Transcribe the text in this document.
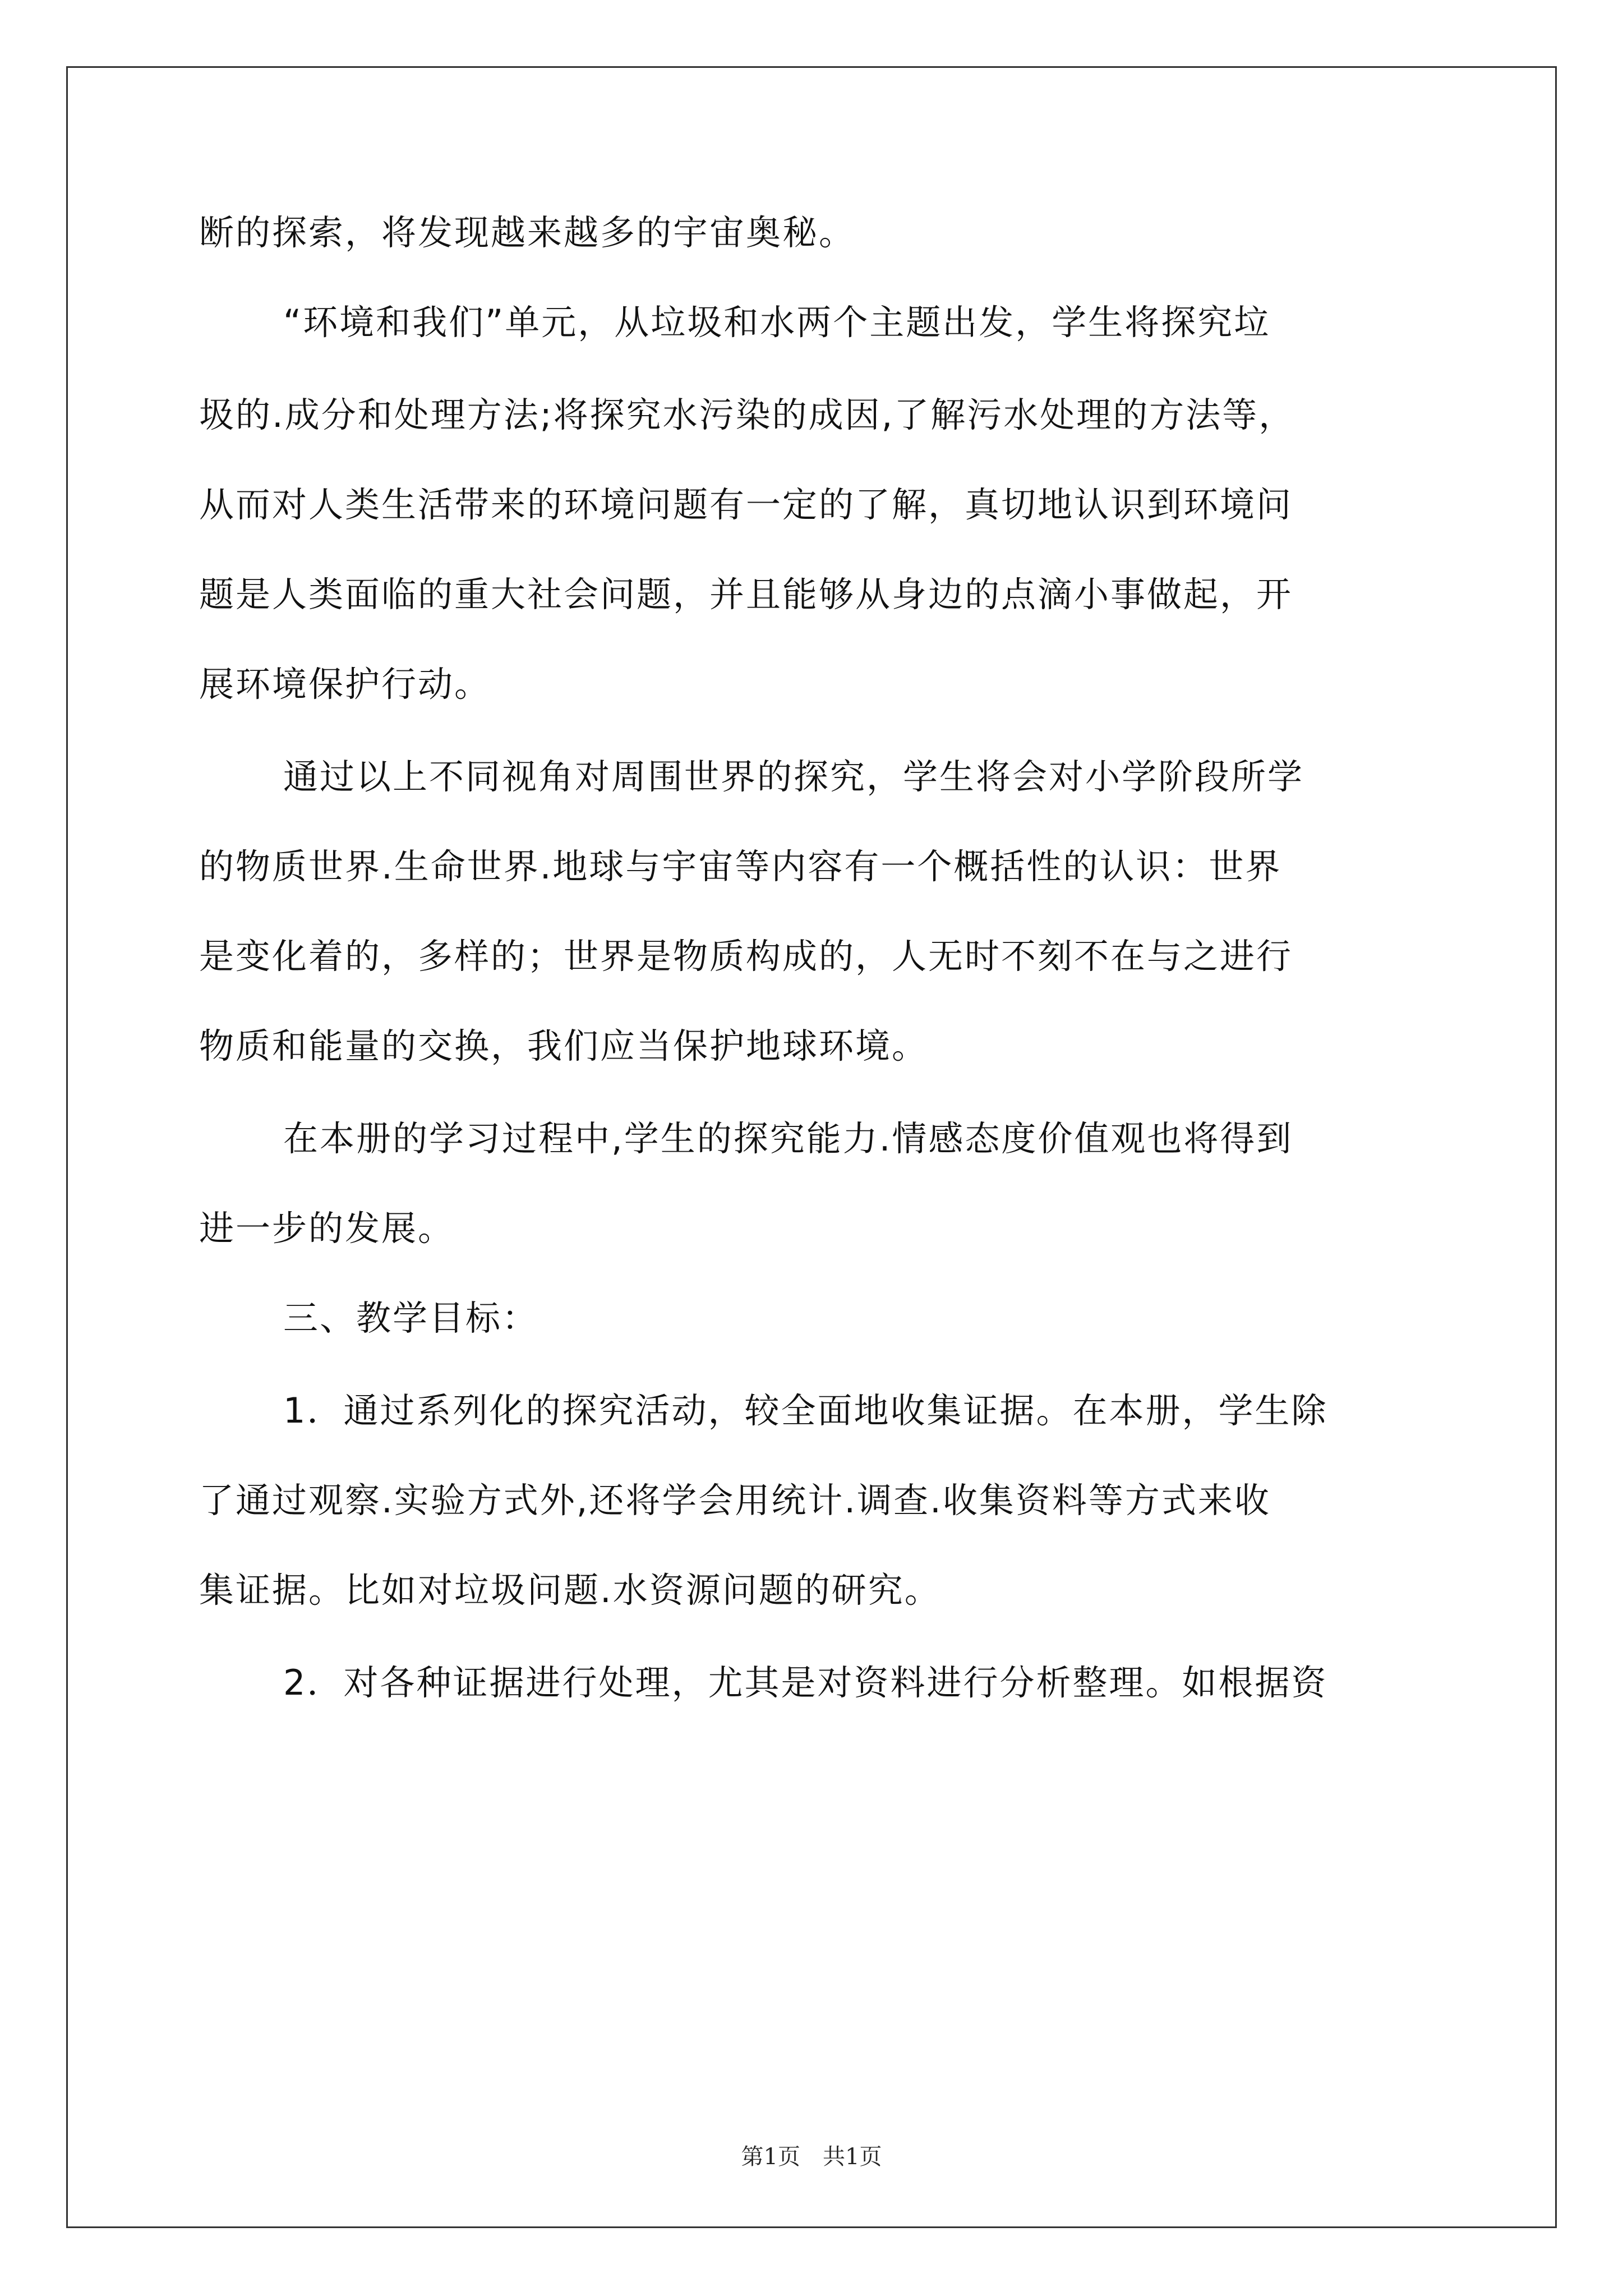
断的探索，将发现越来越多的宇宙奥秘。
“环境和我们”单元，从垃圾和水两个主题出发，学生将探究垃
圾的.成分和处理方法;将探究水污染的成因,了解污水处理的方法等，
从而对人类生活带来的环境问题有一定的了解，真切地认识到环境问
题是人类面临的重大社会问题，并且能够从身边的点滴小事做起，开
展环境保护行动。
通过以上不同视角对周围世界的探究，学生将会对小学阶段所学
的物质世界.生命世界.地球与宇宙等内容有一个概括性的认识：世界
是变化着的，多样的；世界是物质构成的，人无时不刻不在与之进行
物质和能量的交换，我们应当保护地球环境。
在本册的学习过程中,学生的探究能力.情感态度价值观也将得到
进一步的发展。
三、教学目标：
1．通过系列化的探究活动，较全面地收集证据。在本册，学生除
了通过观察.实验方式外,还将学会用统计.调查.收集资料等方式来收
集证据。比如对垃圾问题.水资源问题的研究。
2．对各种证据进行处理，尤其是对资料进行分析整理。如根据资
第1页 共1页
